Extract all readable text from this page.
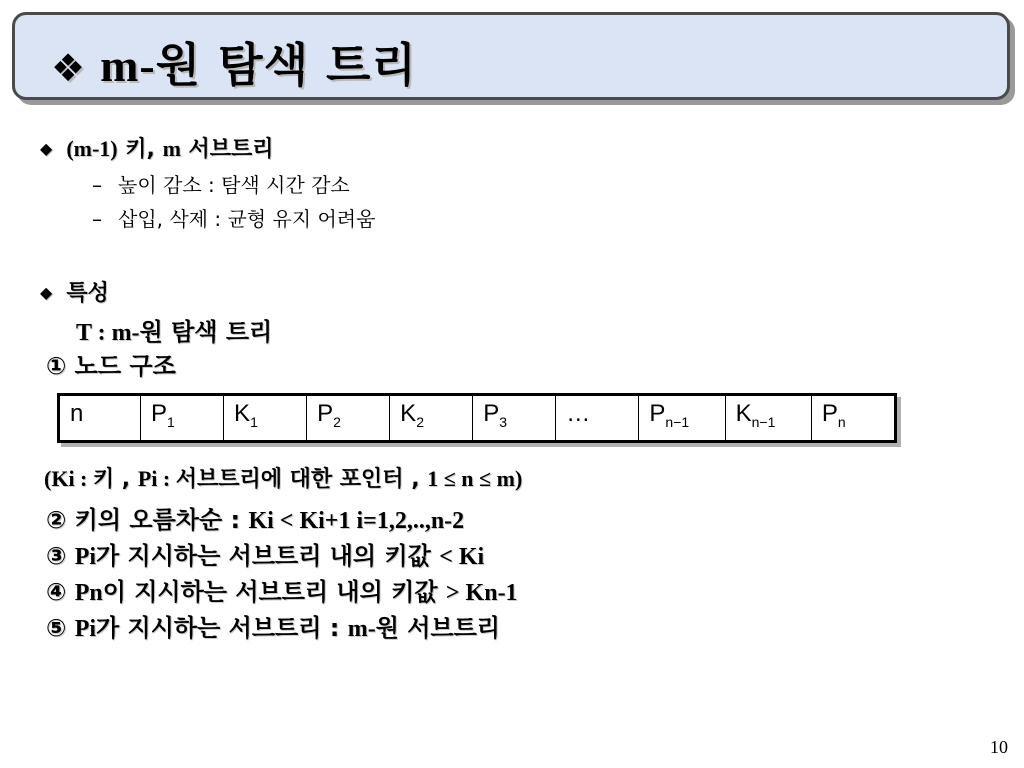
❖ m-원 탐색 트리
◆ (m-1) 키, m 서브트리
– 높이 감소 : 탐색 시간 감소
– 삽입, 삭제 : 균형 유지 어려움
◆ 특성
T : m-원 탐색 트리
① 노드 구조
n	$P_1$	$K_1$	$P_2$	$K_2$	$P_3$	…	$P_{n-1}$	$K_{n-1}$	$P_n$
(Ki : 키 , Pi : 서브트리에 대한 포인터 , 1 ≤ n ≤ m)
② 키의 오름차순 : Ki < Ki+1 i=1,2,..,n-2
③ Pi가 지시하는 서브트리 내의 키값 < Ki
④ Pn이 지시하는 서브트리 내의 키값 > Kn-1
⑤ Pi가 지시하는 서브트리 : m-원 서브트리
10
